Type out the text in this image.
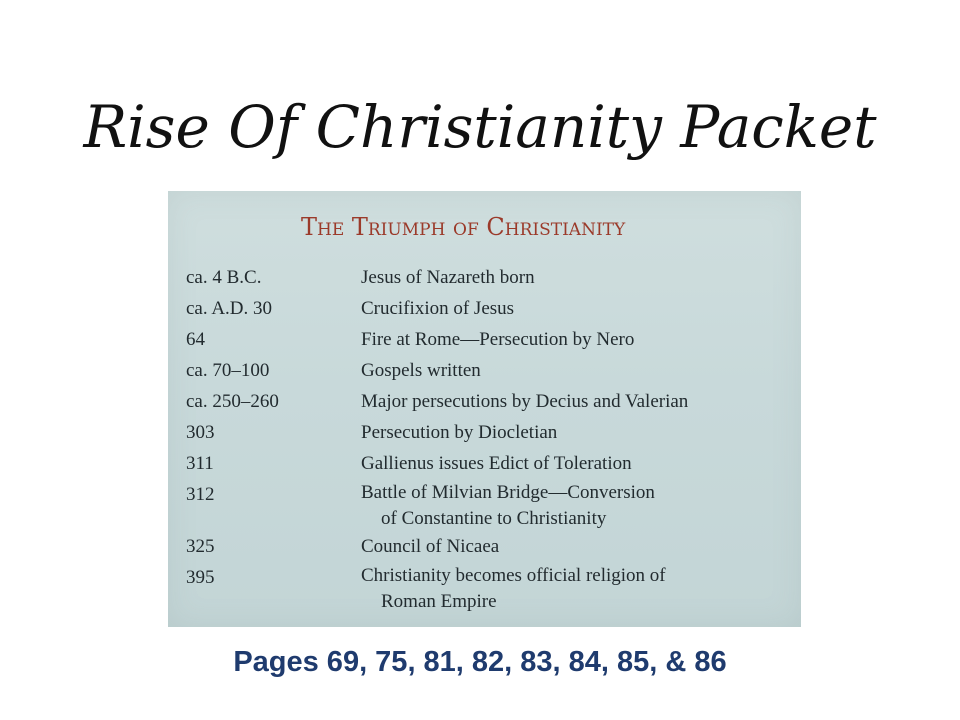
Rise Of Christianity Packet
The Triumph of Christianity
ca. 4 B.C.	Jesus of Nazareth born
ca. A.D. 30	Crucifixion of Jesus
64	Fire at Rome—Persecution by Nero
ca. 70–100	Gospels written
ca. 250–260	Major persecutions by Decius and Valerian
303	Persecution by Diocletian
311	Gallienus issues Edict of Toleration
312	Battle of Milvian Bridge—Conversion
of Constantine to Christianity
325	Council of Nicaea
395	Christianity becomes official religion of
Roman Empire
Pages 69, 75, 81, 82, 83, 84, 85, & 86
